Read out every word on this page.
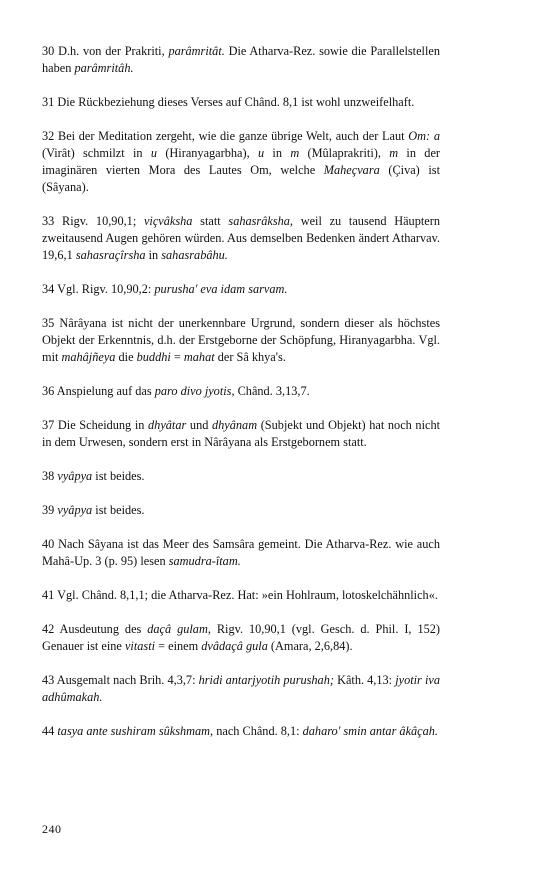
30 D.h. von der Prakriti, parâmritât. Die Atharva-Rez. sowie die Parallelstellen haben parâmritâh.

31 Die Rückbeziehung dieses Verses auf Chând. 8,1 ist wohl unzweifelhaft.

32 Bei der Meditation zergeht, wie die ganze übrige Welt, auch der Laut Om: a (Virât) schmilzt in u (Hiranyagarbha), u in m (Mûlaprakriti), m in der imaginären vierten Mora des Lautes Om, welche Maheçvara (Çiva) ist (Sâyana).

33 Rigv. 10,90,1; viçvâksha statt sahasrâksha, weil zu tausend Häuptern zweitausend Augen gehören würden. Aus demselben Bedenken ändert Atharvav. 19,6,1 sahasraçîrsha in sahasrabâhu.

34 Vgl. Rigv. 10,90,2: purusha' eva idam sarvam.

35 Nârâyana ist nicht der unerkennbare Urgrund, sondern dieser als höchstes Objekt der Erkenntnis, d.h. der Erstgeborne der Schöpfung, Hiranyagarbha. Vgl. mit mahâjñeya die buddhi = mahat der Sâ khya's.

36 Anspielung auf das paro divo jyotis, Chând. 3,13,7.

37 Die Scheidung in dhyâtar und dhyânam (Subjekt und Objekt) hat noch nicht in dem Urwesen, sondern erst in Nârâyana als Erstgebornem statt.

38 vyâpya ist beides.

39 vyâpya ist beides.

40 Nach Sâyana ist das Meer des Samsâra gemeint. Die Atharva-Rez. wie auch Mahâ-Up. 3 (p. 95) lesen samudra-îtam.

41 Vgl. Chând. 8,1,1; die Atharva-Rez. Hat: »ein Hohlraum, lotoskelchähnlich«.

42 Ausdeutung des daçâ gulam, Rigv. 10,90,1 (vgl. Gesch. d. Phil. I, 152) Genauer ist eine vitasti = einem dvâdaçâ gula (Amara, 2,6,84).

43 Ausgemalt nach Brih. 4,3,7: hridi antarjyotih purushah; Kâth. 4,13: jyotir iva adhûmakah.

44 tasya ante sushiram sûkshmam, nach Chând. 8,1: daharo' smin antar âkâçah.

240
